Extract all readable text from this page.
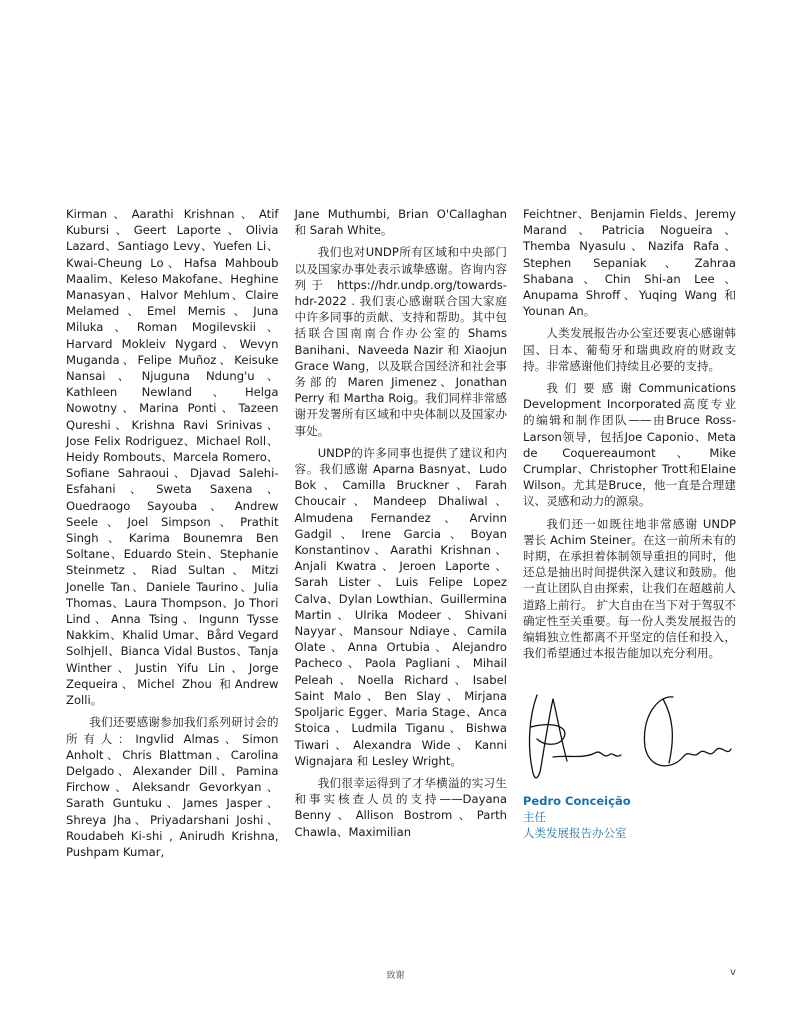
Kirman、Aarathi Krishnan、Atif Kubursi、Geert Laporte、Olivia Lazard、Santiago Levy、Yuefen Li、Kwai-Cheung Lo、Hafsa Mahboub Maalim、Keleso Makofane、Heghine Manasyan、Halvor Mehlum、Claire Melamed、Emel Memis、Juna Miluka、Roman Mogilevskii、Harvard Mokleiv Nygard、Wevyn Muganda、Felipe Muñoz、Keisuke Nansai、Njuguna Ndung'u、 Kathleen Newland、Helga Nowotny、Marina Ponti、Tazeen Qureshi、Krishna Ravi Srinivas、Jose Felix Rodriguez、Michael Roll、Heidy Rombouts、Marcela Romero、Sofiane Sahraoui、Djavad Salehi-Esfahani、Sweta Saxena、Ouedraogo Sayouba、Andrew Seele、Joel Simpson、Prathit Singh、Karima Bounemra Ben Soltane、Eduardo Stein、Stephanie Steinmetz、Riad Sultan、Mitzi Jonelle Tan、Daniele Taurino、Julia Thomas、Laura Thompson、Jo Thori Lind、Anna Tsing、Ingunn Tysse Nakkim、Khalid Umar、Bård Vegard Solhjell、Bianca Vidal Bustos、Tanja Winther、Justin Yifu Lin、Jorge Zequeira、Michel Zhou 和Andrew Zolli。

我们还要感谢参加我们系列研讨会的所有人：Ingvlid Almas、Simon Anholt、Chris Blattman、Carolina Delgado、Alexander Dill、Pamina Firchow、Aleksandr Gevorkyan、Sarath Guntuku、James Jasper、Shreya Jha、Priyadarshani Joshi、Roudabeh Ki-shi , Anirudh Krishna, Pushpam Kumar,

Jane Muthumbi, Brian O'Callaghan 和 Sarah White。

我们也对UNDP所有区域和中央部门以及国家办事处表示诚挚感谢。咨询内容列于 https://hdr.undp.org/towards-hdr-2022 . 我们衷心感谢联合国大家庭中许多同事的贡献、支持和帮助。其中包括联合国南南合作办公室的 Shams Banihani、Naveeda Nazir 和 Xiaojun Grace Wang，以及联合国经济和社会事务部的 Maren Jimenez、Jonathan Perry 和 Martha Roig。我们同样非常感谢开发署所有区域和中央体制以及国家办事处。

UNDP的许多同事也提供了建议和内容。我们感谢 Aparna Basnyat、Ludo Bok、Camilla Bruckner、Farah Choucair、Mandeep Dhaliwal、Almudena Fernandez、Arvinn Gadgil、Irene Garcia、Boyan Konstantinov、Aarathi Krishnan、Anjali Kwatra、Jeroen Laporte、Sarah Lister、Luis Felipe Lopez Calva、Dylan Lowthian、Guillermina Martin、Ulrika Modeer、Shivani Nayyar、Mansour Ndiaye、Camila Olate、Anna Ortubia、Alejandro Pacheco、Paola Pagliani、Mihail Peleah、Noella Richard、Isabel Saint Malo、Ben Slay、Mirjana Spoljaric Egger、Maria Stage、Anca Stoica、Ludmila Tiganu、Bishwa Tiwari、Alexandra Wide、Kanni Wignajara 和 Lesley Wright。

我们很幸运得到了才华横溢的实习生和事实核查人员的支持——Dayana Benny、Allison Bostrom、Parth Chawla、Maximilian

Feichtner、Benjamin Fields、Jeremy Marand、Patricia Nogueira、Themba Nyasulu、Nazifa Rafa、Stephen Sepaniak、Zahraa Shabana、Chin Shi-an Lee、Anupama Shroff、Yuqing Wang 和 Younan An。

人类发展报告办公室还要衷心感谢韩国、日本、葡萄牙和瑞典政府的财政支持。非常感谢他们持续且必要的支持。

我们要感谢Communications Development Incorporated高度专业的编辑和制作团队——由Bruce Ross-Larson领导，包括Joe Caponio、Meta de Coquereaumont、Mike Crumplar、Christopher Trott和Elaine Wilson。尤其是Bruce，他一直是合理建议、灵感和动力的源泉。

我们还一如既往地非常感谢 UNDP 署长 Achim Steiner。在这一前所未有的时期，在承担着体制领导重担的同时，他还总是抽出时间提供深入建议和鼓励。他一直让团队自由探索，让我们在超越前人道路上前行。 扩大自由在当下对于驾驭不确定性至关重要。每一份人类发展报告的编辑独立性都离不开坚定的信任和投入，我们希望通过本报告能加以充分利用。

Pedro Conceição
主任
人类发展报告办公室
致谢	v
